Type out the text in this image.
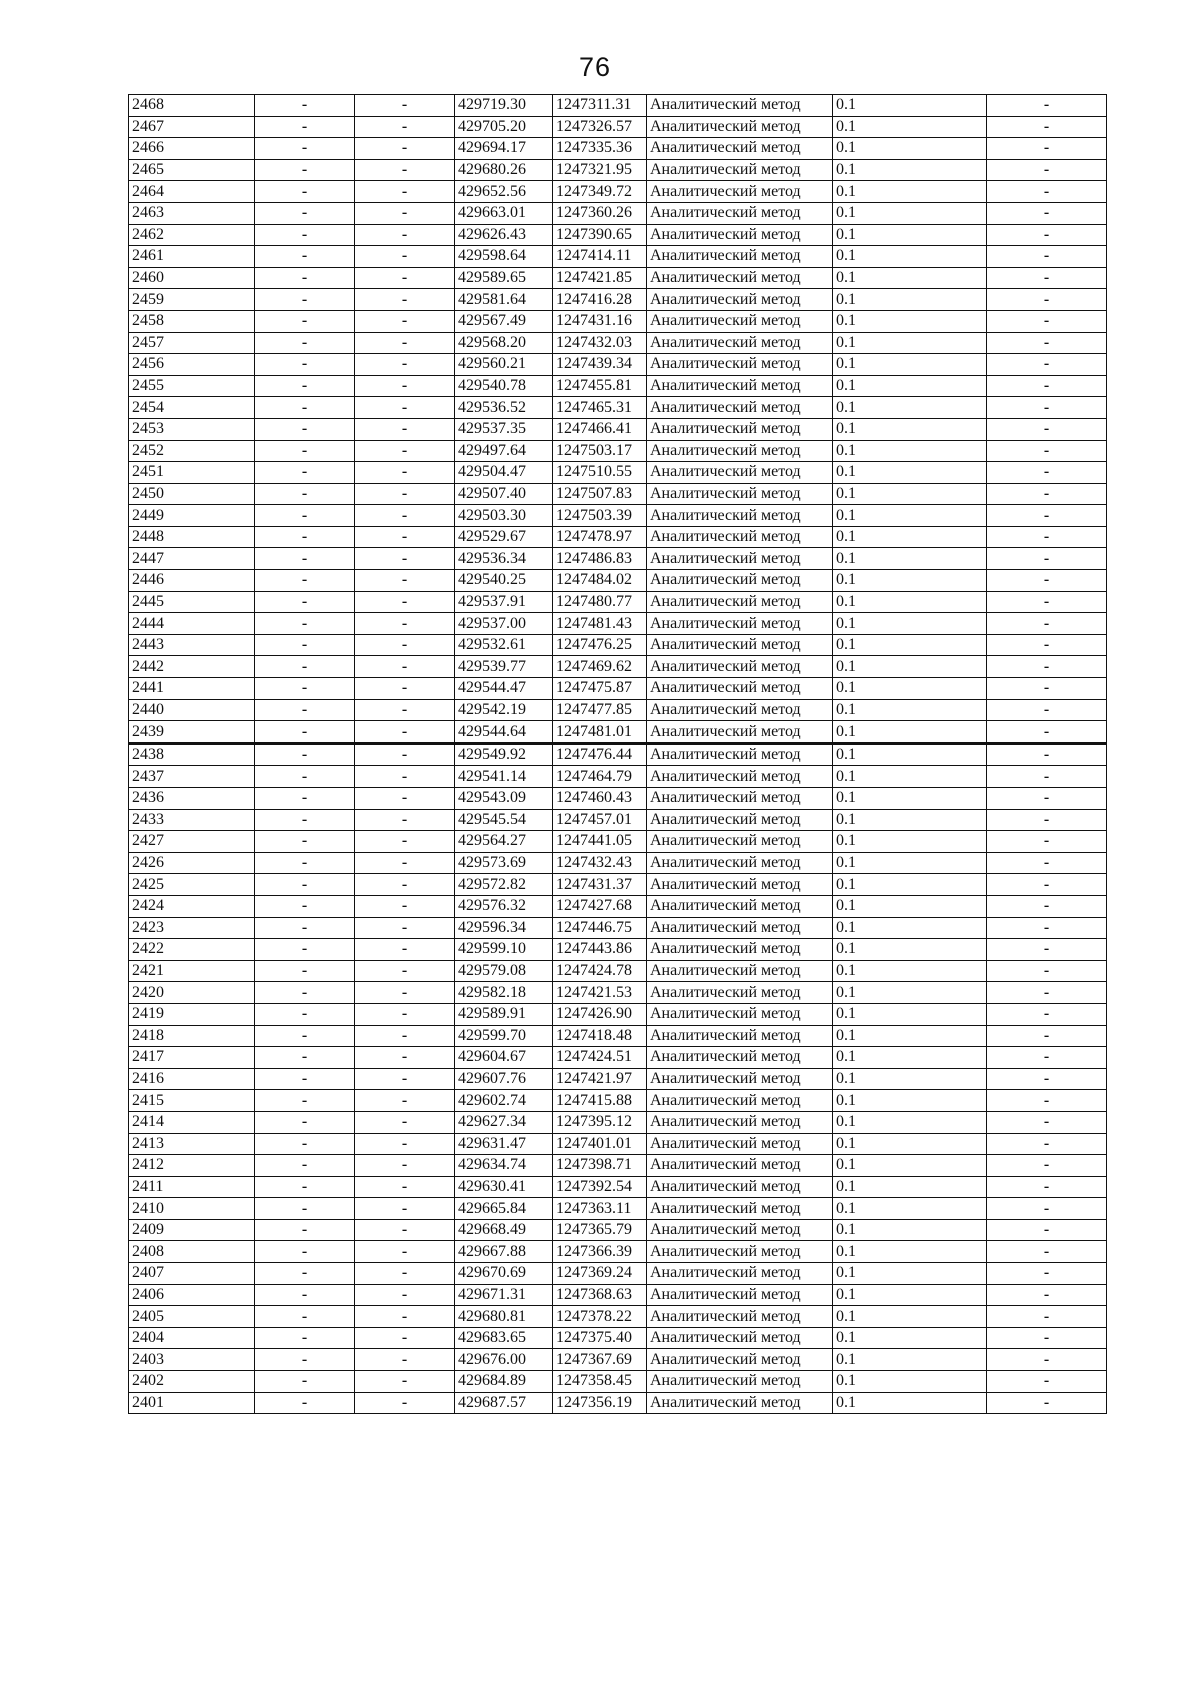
76
2468	-	-	429719.30	1247311.31	Аналитический метод	0.1	-
2467	-	-	429705.20	1247326.57	Аналитический метод	0.1	-
2466	-	-	429694.17	1247335.36	Аналитический метод	0.1	-
2465	-	-	429680.26	1247321.95	Аналитический метод	0.1	-
2464	-	-	429652.56	1247349.72	Аналитический метод	0.1	-
2463	-	-	429663.01	1247360.26	Аналитический метод	0.1	-
2462	-	-	429626.43	1247390.65	Аналитический метод	0.1	-
2461	-	-	429598.64	1247414.11	Аналитический метод	0.1	-
2460	-	-	429589.65	1247421.85	Аналитический метод	0.1	-
2459	-	-	429581.64	1247416.28	Аналитический метод	0.1	-
2458	-	-	429567.49	1247431.16	Аналитический метод	0.1	-
2457	-	-	429568.20	1247432.03	Аналитический метод	0.1	-
2456	-	-	429560.21	1247439.34	Аналитический метод	0.1	-
2455	-	-	429540.78	1247455.81	Аналитический метод	0.1	-
2454	-	-	429536.52	1247465.31	Аналитический метод	0.1	-
2453	-	-	429537.35	1247466.41	Аналитический метод	0.1	-
2452	-	-	429497.64	1247503.17	Аналитический метод	0.1	-
2451	-	-	429504.47	1247510.55	Аналитический метод	0.1	-
2450	-	-	429507.40	1247507.83	Аналитический метод	0.1	-
2449	-	-	429503.30	1247503.39	Аналитический метод	0.1	-
2448	-	-	429529.67	1247478.97	Аналитический метод	0.1	-
2447	-	-	429536.34	1247486.83	Аналитический метод	0.1	-
2446	-	-	429540.25	1247484.02	Аналитический метод	0.1	-
2445	-	-	429537.91	1247480.77	Аналитический метод	0.1	-
2444	-	-	429537.00	1247481.43	Аналитический метод	0.1	-
2443	-	-	429532.61	1247476.25	Аналитический метод	0.1	-
2442	-	-	429539.77	1247469.62	Аналитический метод	0.1	-
2441	-	-	429544.47	1247475.87	Аналитический метод	0.1	-
2440	-	-	429542.19	1247477.85	Аналитический метод	0.1	-
2439	-	-	429544.64	1247481.01	Аналитический метод	0.1	-
2438	-	-	429549.92	1247476.44	Аналитический метод	0.1	-
2437	-	-	429541.14	1247464.79	Аналитический метод	0.1	-
2436	-	-	429543.09	1247460.43	Аналитический метод	0.1	-
2433	-	-	429545.54	1247457.01	Аналитический метод	0.1	-
2427	-	-	429564.27	1247441.05	Аналитический метод	0.1	-
2426	-	-	429573.69	1247432.43	Аналитический метод	0.1	-
2425	-	-	429572.82	1247431.37	Аналитический метод	0.1	-
2424	-	-	429576.32	1247427.68	Аналитический метод	0.1	-
2423	-	-	429596.34	1247446.75	Аналитический метод	0.1	-
2422	-	-	429599.10	1247443.86	Аналитический метод	0.1	-
2421	-	-	429579.08	1247424.78	Аналитический метод	0.1	-
2420	-	-	429582.18	1247421.53	Аналитический метод	0.1	-
2419	-	-	429589.91	1247426.90	Аналитический метод	0.1	-
2418	-	-	429599.70	1247418.48	Аналитический метод	0.1	-
2417	-	-	429604.67	1247424.51	Аналитический метод	0.1	-
2416	-	-	429607.76	1247421.97	Аналитический метод	0.1	-
2415	-	-	429602.74	1247415.88	Аналитический метод	0.1	-
2414	-	-	429627.34	1247395.12	Аналитический метод	0.1	-
2413	-	-	429631.47	1247401.01	Аналитический метод	0.1	-
2412	-	-	429634.74	1247398.71	Аналитический метод	0.1	-
2411	-	-	429630.41	1247392.54	Аналитический метод	0.1	-
2410	-	-	429665.84	1247363.11	Аналитический метод	0.1	-
2409	-	-	429668.49	1247365.79	Аналитический метод	0.1	-
2408	-	-	429667.88	1247366.39	Аналитический метод	0.1	-
2407	-	-	429670.69	1247369.24	Аналитический метод	0.1	-
2406	-	-	429671.31	1247368.63	Аналитический метод	0.1	-
2405	-	-	429680.81	1247378.22	Аналитический метод	0.1	-
2404	-	-	429683.65	1247375.40	Аналитический метод	0.1	-
2403	-	-	429676.00	1247367.69	Аналитический метод	0.1	-
2402	-	-	429684.89	1247358.45	Аналитический метод	0.1	-
2401	-	-	429687.57	1247356.19	Аналитический метод	0.1	-
